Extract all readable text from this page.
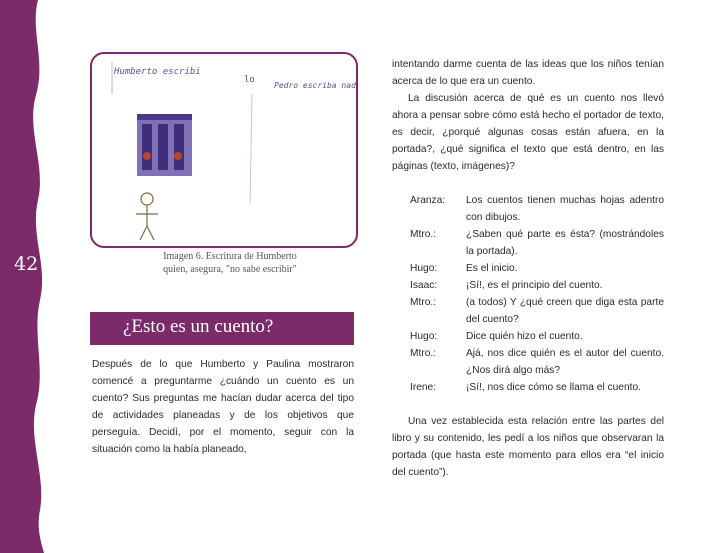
42
Humberto escribi
lo
Pedro escriba nada
Imagen 6. Escritura de Humberto
quien, asegura, "no sabe escribir"
¿Esto es un cuento?

Después de lo que Humberto y Paulina mostraron comencé a preguntarme ¿cuándo un cuento es un cuento? Sus preguntas me hacían dudar acerca del tipo de actividades planeadas y de los objetivos que perseguía. Decidí, por el momento, seguir con la situación como la había planeado,

intentando darme cuenta de las ideas que los niños tenían acerca de lo que era un cuento.

La discusión acerca de qué es un cuento nos llevó ahora a pensar sobre cómo está hecho el portador de texto, es decir, ¿porqué algunas cosas están afuera, en la portada?, ¿qué significa el texto que está dentro, en las páginas (texto, imágenes)?

Aranza:	Los cuentos tienen muchas hojas adentro con dibujos.
Mtro.:	¿Saben qué parte es ésta? (mostrándoles la portada).
Hugo:	Es el inicio.
Isaac:	¡Sí!, es el principio del cuento.
Mtro.:	(a todos) Y ¿qué creen que diga esta parte del cuento?
Hugo:	Dice quién hizo el cuento.
Mtro.:	Ajá, nos dice quién es el autor del cuento. ¿Nos dirá algo más?
Irene:	¡Sí!, nos dice cómo se llama el cuento.

Una vez establecida esta relación entre las partes del libro y su contenido, les pedí a los niños que observaran la portada (que hasta este momento para ellos era “el inicio del cuento”).
